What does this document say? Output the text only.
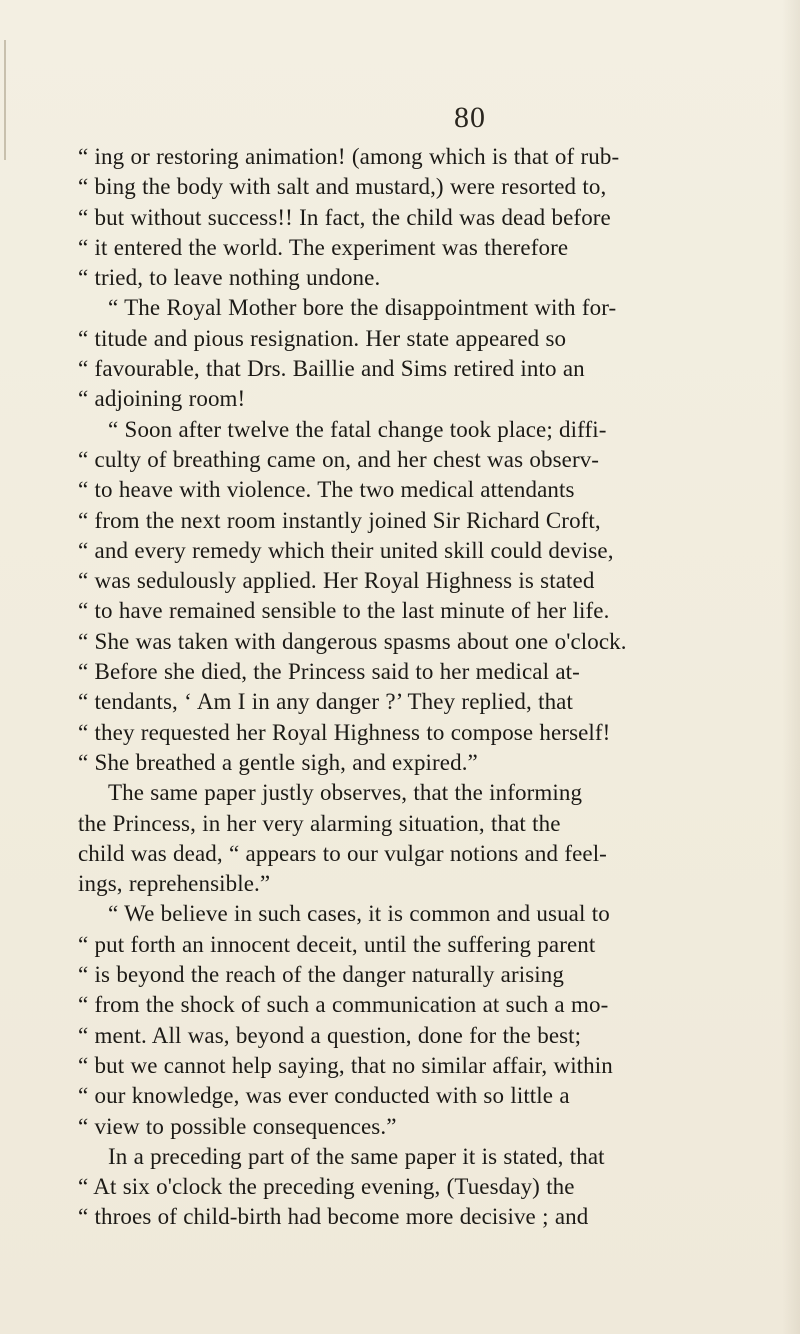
80
“ ing or restoring animation! (among which is that of rub-
“ bing the body with salt and mustard,) were resorted to,
“ but without success!! In fact, the child was dead before
“ it entered the world. The experiment was therefore
“ tried, to leave nothing undone.
“ The Royal Mother bore the disappointment with for-
“ titude and pious resignation. Her state appeared so
“ favourable, that Drs. Baillie and Sims retired into an
“ adjoining room!
“ Soon after twelve the fatal change took place; diffi-
“ culty of breathing came on, and her chest was observ-
“ to heave with violence. The two medical attendants
“ from the next room instantly joined Sir Richard Croft,
“ and every remedy which their united skill could devise,
“ was sedulously applied. Her Royal Highness is stated
“ to have remained sensible to the last minute of her life.
“ She was taken with dangerous spasms about one o'clock.
“ Before she died, the Princess said to her medical at-
“ tendants, ‘ Am I in any danger ?’ They replied, that
“ they requested her Royal Highness to compose herself!
“ She breathed a gentle sigh, and expired.”
The same paper justly observes, that the informing
the Princess, in her very alarming situation, that the
child was dead, “ appears to our vulgar notions and feel-
ings, reprehensible.”
“ We believe in such cases, it is common and usual to
“ put forth an innocent deceit, until the suffering parent
“ is beyond the reach of the danger naturally arising
“ from the shock of such a communication at such a mo-
“ ment. All was, beyond a question, done for the best;
“ but we cannot help saying, that no similar affair, within
“ our knowledge, was ever conducted with so little a
“ view to possible consequences.”
In a preceding part of the same paper it is stated, that
“ At six o'clock the preceding evening, (Tuesday) the
“ throes of child-birth had become more decisive ; and
